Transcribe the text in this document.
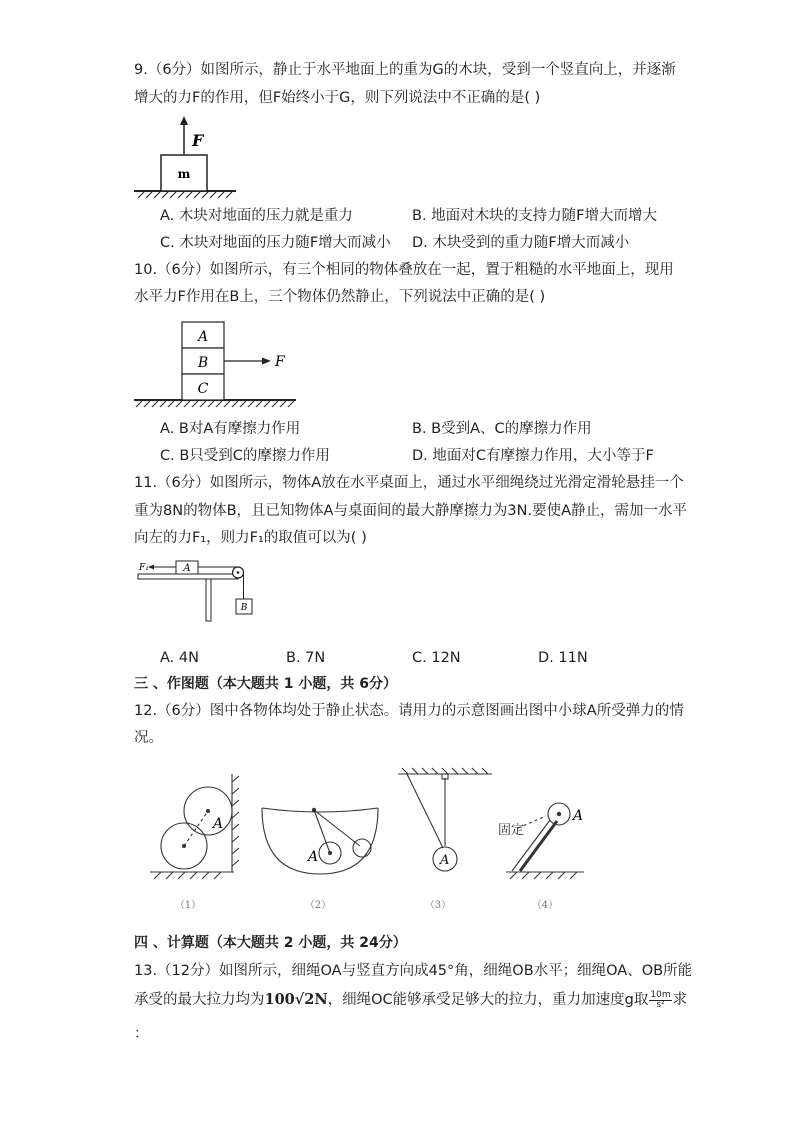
9.（6分）如图所示，静止于水平地面上的重为G的木块，受到一个竖直向上，并逐渐
增大的力F的作用，但F始终小于G，则下列说法中不正确的是( )
m
F
A. 木块对地面的压力就是重力	B. 地面对木块的支持力随F增大而增大
C. 木块对地面的压力随F增大而减小 D. 木块受到的重力随F增大而减小
10.（6分）如图所示，有三个相同的物体叠放在一起，置于粗糙的水平地面上，现用
水平力F作用在B上，三个物体仍然静止，下列说法中正确的是( )
A
B
C
F
A. B对A有摩擦力作用	B. B受到A、C的摩擦力作用
C. B只受到C的摩擦力作用	D. 地面对C有摩擦力作用，大小等于F
11.（6分）如图所示，物体A放在水平桌面上，通过水平细绳绕过光滑定滑轮悬挂一个
重为8N的物体B，且已知物体A与桌面间的最大静摩擦力为3N.要使A静止，需加一水平
向左的力F₁，则力F₁的取值可以为( )
A
F₁
B
A. 4N	B. 7N	C. 12N	D. 11N
三 、作图题（本大题共 1 小题，共 6分）
12.（6分）图中各物体均处于静止状态。请用力的示意图画出图中小球A所受弹力的情
况。
A
A	A
A
固定
（1）	（2）	（3）	（4）
四 、计算题（本大题共 2 小题，共 24分）
13.（12分）如图所示，细绳OA与竖直方向成45°角，细绳OB水平；细绳OA、OB所能
承受的最大拉力均为100√2N，细绳OC能够承受足够大的拉力，重力加速度g取 $\frac{10m}{\text{s²}}$ 求
：
